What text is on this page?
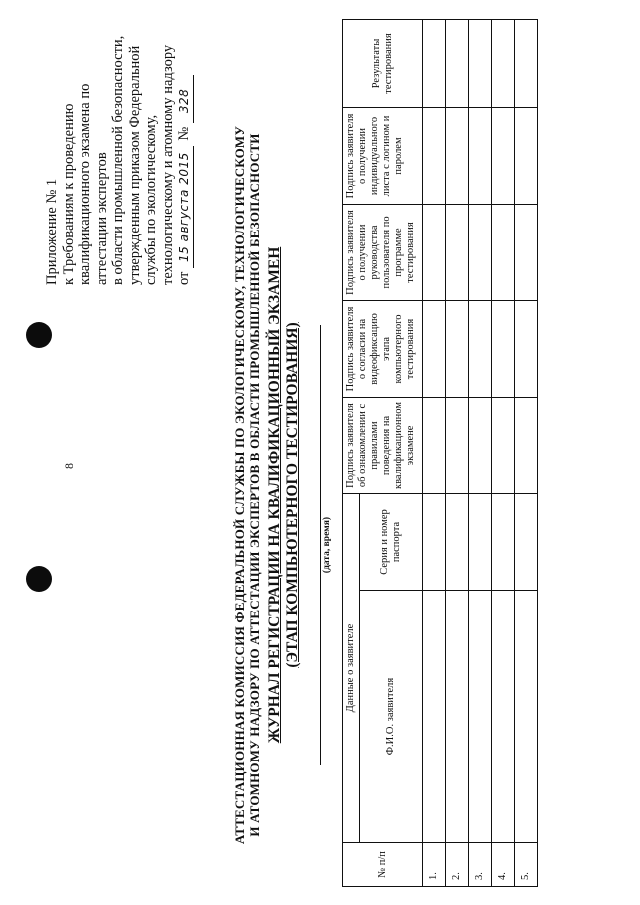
8
Приложение № 1 к Требованиям к проведению квалификационного экзамена по аттестации экспертов в области промышленной безопасности, утвержденным приказом Федеральной службы по экологическому, технологическому и атомному надзору от 15 августа 2015 № 328
АТТЕСТАЦИОННАЯ КОМИССИЯ ФЕДЕРАЛЬНОЙ СЛУЖБЫ ПО ЭКОЛОГИЧЕСКОМУ, ТЕХНОЛОГИЧЕСКОМУ И АТОМНОМУ НАДЗОРУ ПО АТТЕСТАЦИИ ЭКСПЕРТОВ В ОБЛАСТИ ПРОМЫШЛЕННОЙ БЕЗОПАСНОСТИ ЖУРНАЛ РЕГИСТРАЦИИ НА КВАЛИФИКАЦИОННЫЙ ЭКЗАМЕН (ЭТАП КОМПЬЮТЕРНОГО ТЕСТИРОВАНИЯ) (дата, время)
№ п/п	Данные о заявителе		Подпись заявителя об ознакомлении с правилами поведения на квалификационном экзамене	Подпись заявителя о согласии на видеофиксацию этапа компьютерного тестирования	Подпись заявителя о получении руководства пользователя по программе тестирования	Подпись заявителя о получении индивидуального листа с логином и паролем	Результаты тестирования
	Ф.И.О. заявителя	Серия и номер паспорта					
1.							
2.							
3.							
4.							
5.							
